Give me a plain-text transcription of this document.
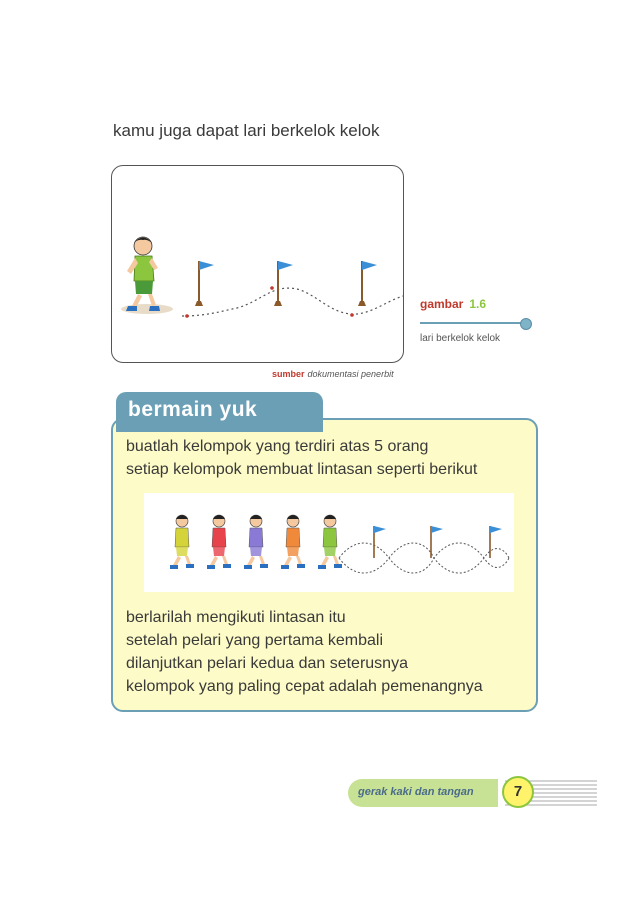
kamu juga dapat lari berkelok kelok
sumber dokumentasi penerbit
gambar 1.6
lari berkelok kelok
bermain yuk
buatlah kelompok yang terdiri atas 5 orang
setiap kelompok membuat lintasan seperti berikut
berlarilah mengikuti lintasan itu
setelah pelari yang pertama kembali
dilanjutkan pelari kedua dan seterusnya
kelompok yang paling cepat adalah pemenangnya
gerak kaki dan tangan	7
